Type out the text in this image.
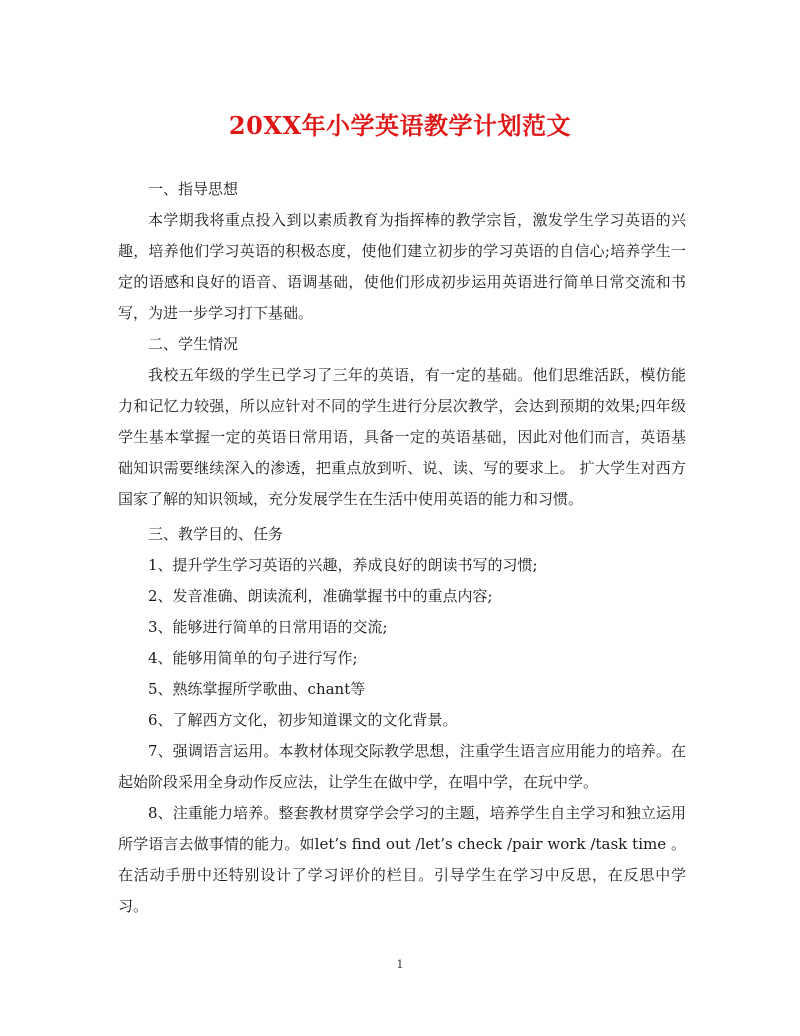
20XX年小学英语教学计划范文

一、指导思想

本学期我将重点投入到以素质教育为指挥棒的教学宗旨，激发学生学习英语的兴趣，培养他们学习英语的积极态度，使他们建立初步的学习英语的自信心;培养学生一定的语感和良好的语音、语调基础，使他们形成初步运用英语进行简单日常交流和书写，为进一步学习打下基础。

二、学生情况

我校五年级的学生已学习了三年的英语，有一定的基础。他们思维活跃，模仿能力和记忆力较强，所以应针对不同的学生进行分层次教学，会达到预期的效果;四年级学生基本掌握一定的英语日常用语，具备一定的英语基础，因此对他们而言，英语基础知识需要继续深入的渗透，把重点放到听、说、读、写的要求上。 扩大学生对西方国家了解的知识领域，充分发展学生在生活中使用英语的能力和习惯。

三、教学目的、任务

1、提升学生学习英语的兴趣，养成良好的朗读书写的习惯;

2、发音准确、朗读流利，准确掌握书中的重点内容;

3、能够进行简单的日常用语的交流;

4、能够用简单的句子进行写作;

5、熟练掌握所学歌曲、chant等

6、了解西方文化，初步知道课文的文化背景。

7、强调语言运用。本教材体现交际教学思想，注重学生语言应用能力的培养。在起始阶段采用全身动作反应法，让学生在做中学，在唱中学，在玩中学。

8、注重能力培养。整套教材贯穿学会学习的主题，培养学生自主学习和独立运用所学语言去做事情的能力。如let’s find out /let’s check /pair work /task time 。在活动手册中还特别设计了学习评价的栏目。引导学生在学习中反思，在反思中学习。

1
